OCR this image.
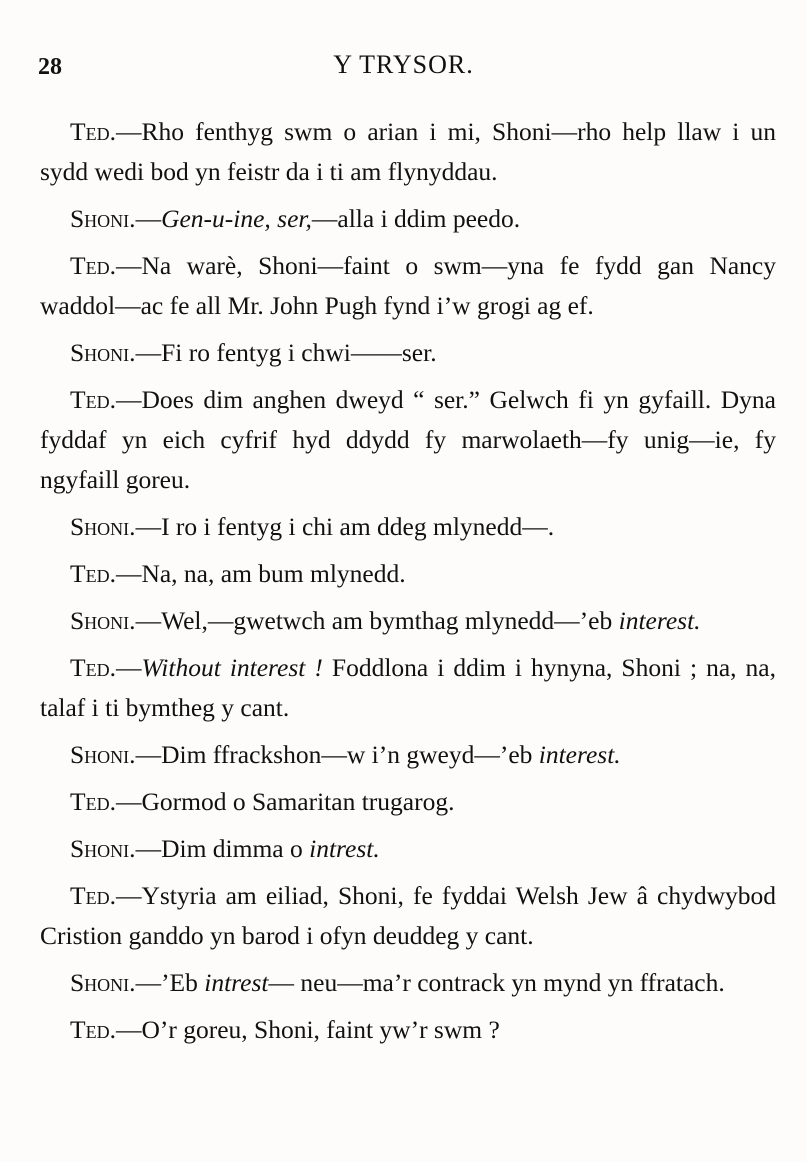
28	Y TRYSOR.

Ted.—Rho fenthyg swm o arian i mi, Shoni—rho help llaw i un sydd wedi bod yn feistr da i ti am flynyddau.

Shoni.—Gen-u-ine, ser,—alla i ddim peedo.

Ted.—Na warè, Shoni—faint o swm—yna fe fydd gan Nancy waddol—ac fe all Mr. John Pugh fynd i’w grogi ag ef.

Shoni.—Fi ro fentyg i chwi——ser.

Ted.—Does dim anghen dweyd “ ser.” Gelwch fi yn gyfaill. Dyna fyddaf yn eich cyfrif hyd ddydd fy marwolaeth—fy unig—ie, fy ngyfaill goreu.

Shoni.—I ro i fentyg i chi am ddeg mlynedd—.

Ted.—Na, na, am bum mlynedd.

Shoni.—Wel,—gwetwch am bymthag mlynedd—’eb interest.

Ted.—Without interest ! Foddlona i ddim i hynyna, Shoni ; na, na, talaf i ti bymtheg y cant.

Shoni.—Dim ffrackshon—w i’n gweyd—’eb interest.

Ted.—Gormod o Samaritan trugarog.

Shoni.—Dim dimma o intrest.

Ted.—Ystyria am eiliad, Shoni, fe fyddai Welsh Jew â chydwybod Cristion ganddo yn barod i ofyn deuddeg y cant.

Shoni.—’Eb intrest— neu—ma’r contrack yn mynd yn ffratach.

Ted.—O’r goreu, Shoni, faint yw’r swm ?
